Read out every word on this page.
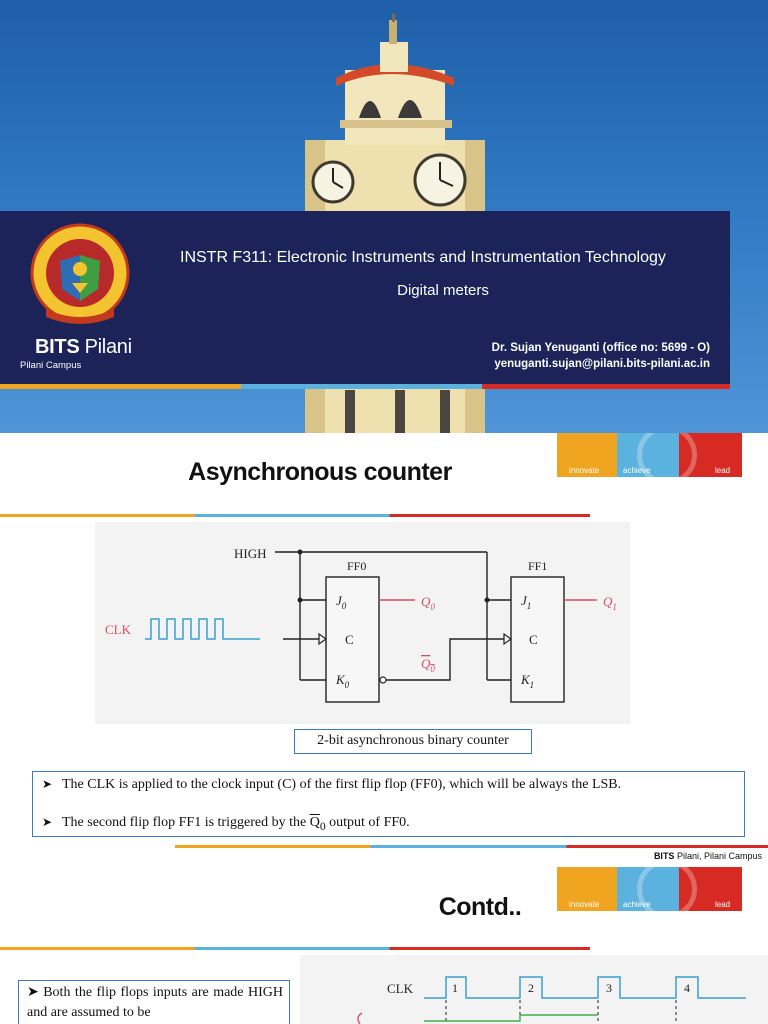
BITS Pilani
Pilani Campus
INSTR F311: Electronic Instruments and Instrumentation Technology
Digital meters
Dr. Sujan Yenuganti (office no: 5699 - O)
yenuganti.sujan@pilani.bits-pilani.ac.in
Asynchronous counter	innovate	achieve	lead
HIGH
CLK
FF0	FF1
$J_0$
C
$K_0$
$J_1$
C
$K_1$
$Q_0$
$Q_0$
$Q_1$
2-bit asynchronous binary counter
➤ The CLK is applied to the clock input (C) of the first flip flop (FF0), which will be always the LSB.
➤ The second flip flop FF1 is triggered by the $\overline{Q}_0$ output of FF0.
BITS Pilani, Pilani Campus
Contd..	innovate	achieve	lead
➤ Both the flip flops inputs are made HIGH and are assumed to be
CLK	1	2	3	4
